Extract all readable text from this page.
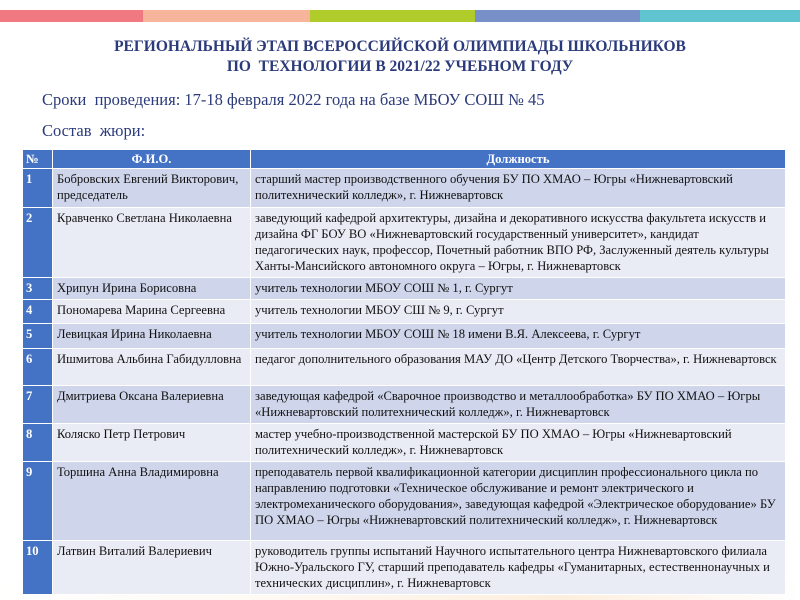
РЕГИОНАЛЬНЫЙ ЭТАП ВСЕРОССИЙСКОЙ ОЛИМПИАДЫ ШКОЛЬНИКОВ
ПО  ТЕХНОЛОГИИ В 2021/22 УЧЕБНОМ ГОДУ
Сроки  проведения: 17-18 февраля 2022 года на базе МБОУ СОШ № 45
Состав  жюри:
№	Ф.И.О.	Должность
1	Бобровских Евгений Викторович, председатель	старший мастер производственного обучения БУ ПО ХМАО – Югры «Нижневартовский политехнический колледж», г. Нижневартовск
2	Кравченко Светлана Николаевна	заведующий кафедрой архитектуры, дизайна и декоративного искусства факультета искусств и дизайна ФГ БОУ ВО «Нижневартовский государственный университет», кандидат педагогических наук, профессор, Почетный работник ВПО РФ, Заслуженный деятель культуры Ханты-Мансийского автономного округа – Югры, г. Нижневартовск
3	Хрипун Ирина Борисовна	учитель технологии МБОУ СОШ № 1, г. Сургут
4	Пономарева Марина Сергеевна	учитель технологии МБОУ СШ № 9, г. Сургут
5	Левицкая Ирина Николаевна	учитель технологии МБОУ СОШ № 18 имени В.Я. Алексеева, г. Сургут
6	Ишмитова Альбина Габидулловна	педагог дополнительного образования МАУ ДО «Центр Детского Творчества», г. Нижневартовск
7	Дмитриева Оксана Валериевна	заведующая кафедрой «Сварочное производство и металлообработка» БУ ПО ХМАО – Югры «Нижневартовский политехнический колледж», г. Нижневартовск
8	Коляско Петр Петрович	мастер учебно-производственной мастерской БУ ПО ХМАО – Югры «Нижневартовский политехнический колледж», г. Нижневартовск
9	Торшина Анна Владимировна	преподаватель первой квалификационной категории дисциплин профессионального цикла по направлению подготовки «Техническое обслуживание и ремонт электрического и электромеханического оборудования», заведующая кафедрой «Электрическое оборудование» БУ ПО ХМАО – Югры «Нижневартовский политехнический колледж», г. Нижневартовск
10	Латвин Виталий Валериевич	руководитель группы испытаний Научного испытательного центра Нижневартовского филиала Южно-Уральского ГУ, старший преподаватель кафедры «Гуманитарных, естественнонаучных и технических дисциплин», г. Нижневартовск
